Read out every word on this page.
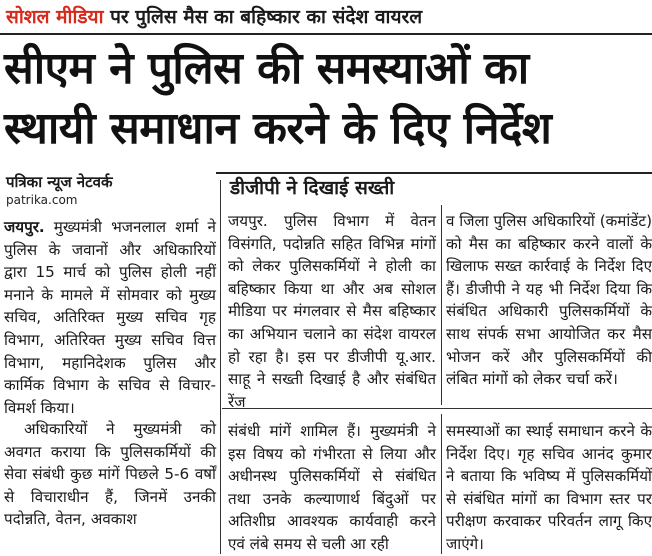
सोशल मीडिया पर पुलिस मैस का बहिष्कार का संदेश वायरल
सीएम ने पुलिस की समस्याओं का
स्थायी समाधान करने के दिए निर्देश
पत्रिका न्यूज नेटवर्क
patrika.com
डीजीपी ने दिखाई सख्ती

जयपुर. मुख्यमंत्री भजनलाल शर्मा ने पुलिस के जवानों और अधिकारियों द्वारा 15 मार्च को पुलिस होली नहीं मनाने के मामले में सोमवार को मुख्य सचिव, अतिरिक्त मुख्य सचिव गृह विभाग, अतिरिक्त मुख्य सचिव वित्त विभाग, महानिदेशक पुलिस और कार्मिक विभाग के सचिव से विचार-विमर्श किया।

अधिकारियों ने मुख्यमंत्री को अवगत कराया कि पुलिसकर्मियों की सेवा संबंधी कुछ मांगें पिछले 5-6 वर्षों से विचाराधीन हैं, जिनमें उनकी पदोन्नति, वेतन, अवकाश

जयपुर. पुलिस विभाग में वेतन विसंगति, पदोन्नति सहित विभिन्न मांगों को लेकर पुलिसकर्मियों ने होली का बहिष्कार किया था और अब सोशल मीडिया पर मंगलवार से मैस बहिष्कार का अभियान चलाने का संदेश वायरल हो रहा है। इस पर डीजीपी यू.आर. साहू ने सख्ती दिखाई है और संबंधित रेंज

व जिला पुलिस अधिकारियों (कमांडेंट) को मैस का बहिष्कार करने वालों के खिलाफ सख्त कार्रवाई के निर्देश दिए हैं। डीजीपी ने यह भी निर्देश दिया कि संबंधित अधिकारी पुलिसकर्मियों के साथ संपर्क सभा आयोजित कर मैस भोजन करें और पुलिसकर्मियों की लंबित मांगों को लेकर चर्चा करें।

संबंधी मांगें शामिल हैं। मुख्यमंत्री ने इस विषय को गंभीरता से लिया और अधीनस्थ पुलिसकर्मियों से संबंधित तथा उनके कल्याणार्थ बिंदुओं पर अतिशीघ्र आवश्यक कार्यवाही करने एवं लंबे समय से चली आ रही

समस्याओं का स्थाई समाधान करने के निर्देश दिए। गृह सचिव आनंद कुमार ने बताया कि भविष्य में पुलिसकर्मियों से संबंधित मांगों का विभाग स्तर पर परीक्षण करवाकर परिवर्तन लागू किए जाएंगे।
